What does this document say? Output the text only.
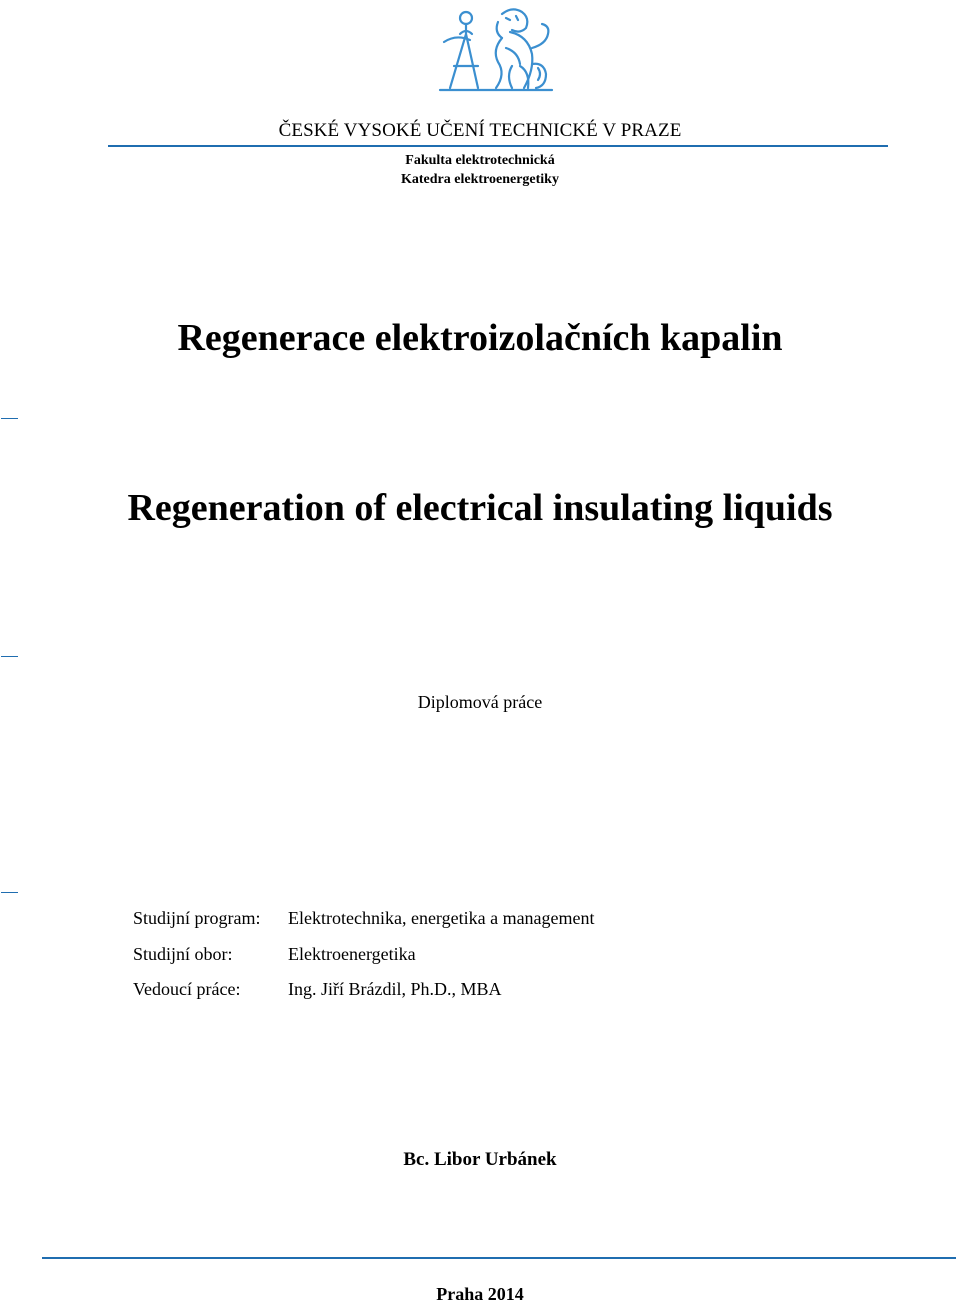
ČESKÉ VYSOKÉ UČENÍ TECHNICKÉ V PRAZE
Fakulta elektrotechnická
Katedra elektroenergetiky
Regenerace elektroizolačních kapalin
Regeneration of electrical insulating liquids
Diplomová práce
Studijní program:	Elektrotechnika, energetika a management
Studijní obor:	Elektroenergetika
Vedoucí práce:	Ing. Jiří Brázdil, Ph.D., MBA
Bc. Libor Urbánek
Praha 2014
